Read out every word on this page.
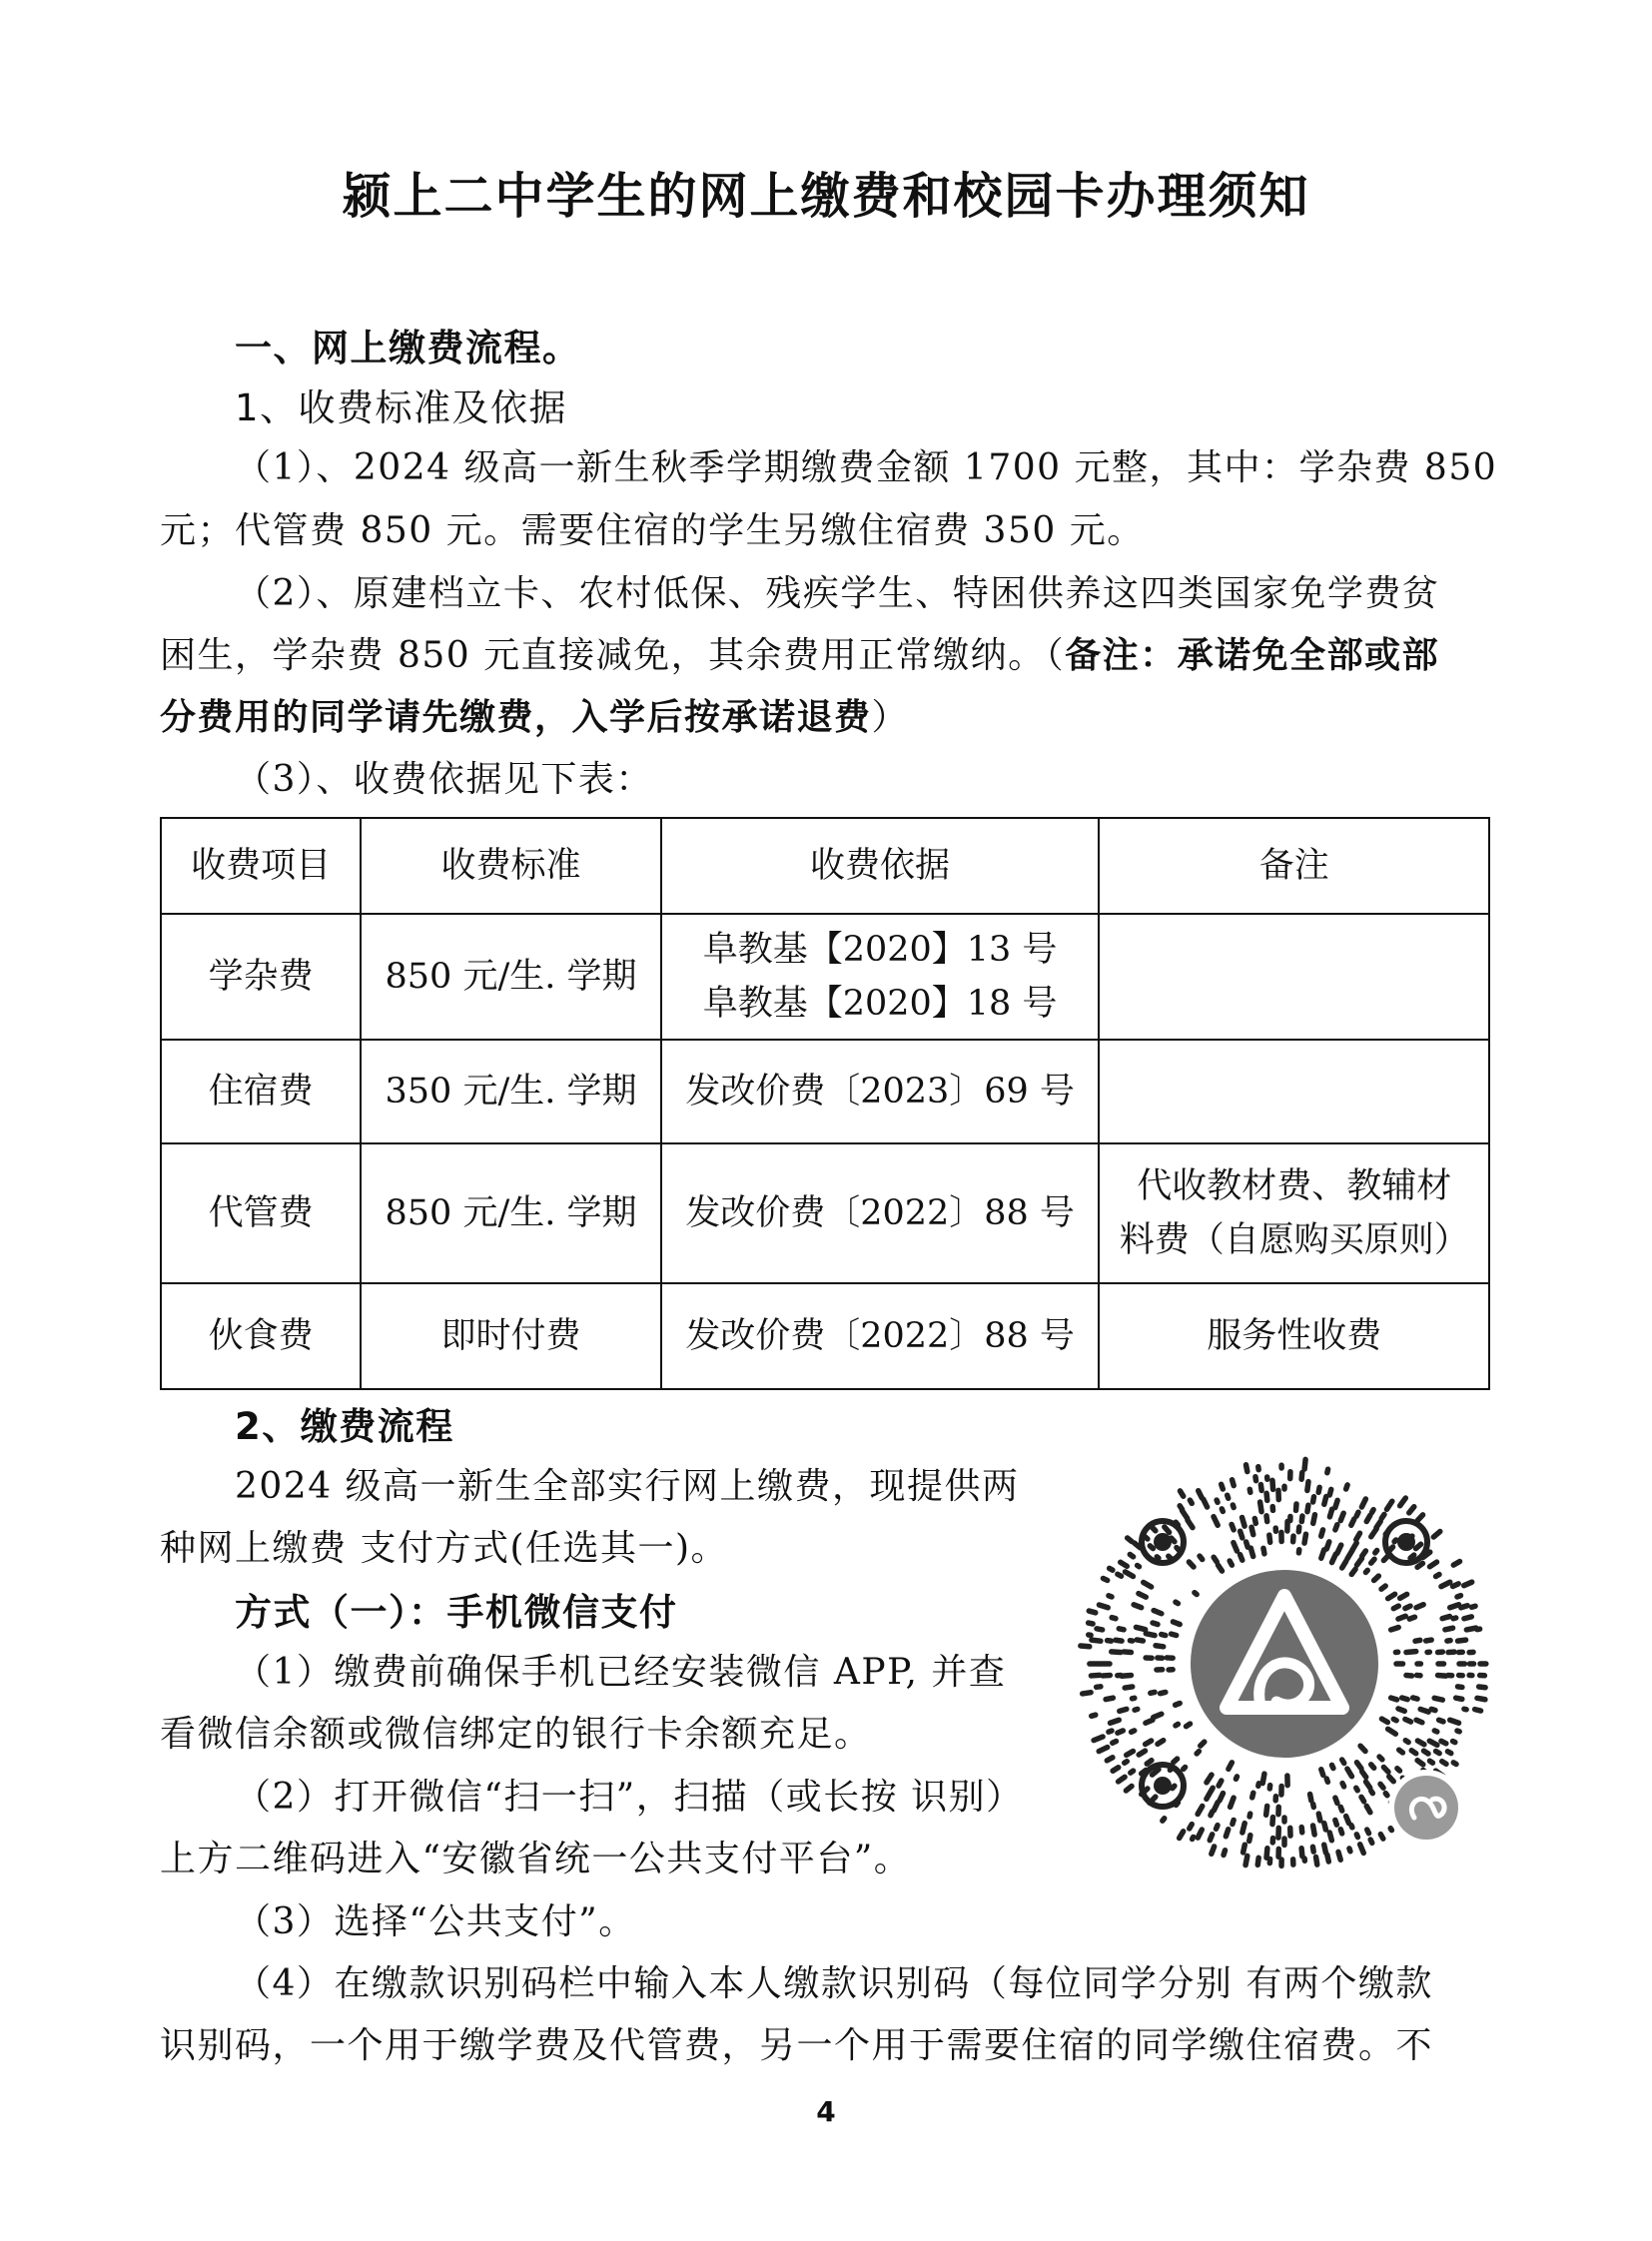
颍上二中学生的网上缴费和校园卡办理须知
一、网上缴费流程。
1、收费标准及依据
（1）、2024 级高一新生秋季学期缴费金额 1700 元整，其中：学杂费 850
元；代管费 850 元。需要住宿的学生另缴住宿费 350 元。
（2）、原建档立卡、农村低保、残疾学生、特困供养这四类国家免学费贫
困生，学杂费 850 元直接减免，其余费用正常缴纳。（备注：承诺免全部或部
分费用的同学请先缴费，入学后按承诺退费）
（3）、收费依据见下表：
收费项目	收费标准	收费依据	备注
学杂费	850 元/生. 学期	阜教基【2020】13 号
阜教基【2020】18 号	

住宿费	350 元/生. 学期	发改价费〔2023〕69 号	
代管费	850 元/生. 学期	发改价费〔2022〕88 号	代收教材费、教辅材
料费（自愿购买原则）

伙食费	即时付费	发改价费〔2022〕88 号	服务性收费
2、缴费流程
2024 级高一新生全部实行网上缴费，现提供两
种网上缴费 支付方式(任选其一)。
方式（一）：手机微信支付
（1）缴费前确保手机已经安装微信 APP, 并查
看微信余额或微信绑定的银行卡余额充足。
（2）打开微信“扫一扫”，扫描（或长按 识别）
上方二维码进入“安徽省统一公共支付平台”。
（3）选择“公共支付”。
（4）在缴款识别码栏中输入本人缴款识别码（每位同学分别 有两个缴款
识别码，一个用于缴学费及代管费，另一个用于需要住宿的同学缴住宿费。不
4
